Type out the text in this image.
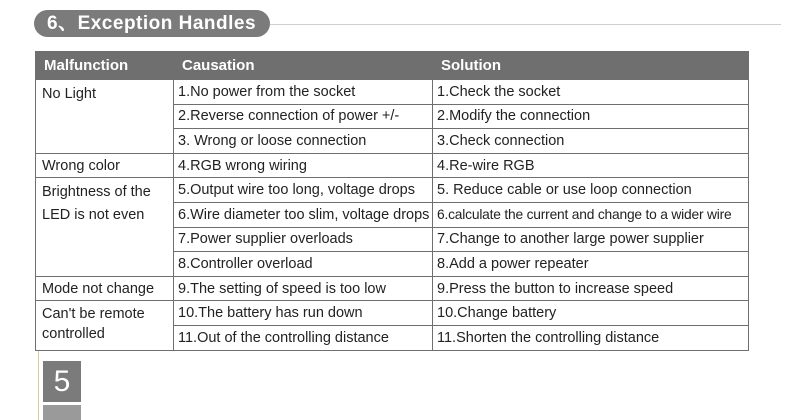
6、Exception Handles
Malfunction	Causation	Solution
No Light	1.No power from the socket	1.Check the socket
	2.Reverse connection of power +/-	2.Modify the connection
	3. Wrong or loose connection	3.Check connection
Wrong color	4.RGB wrong wiring	4.Re-wire RGB
Brightness of the LED is not even	5.Output wire too long, voltage drops	5. Reduce cable or use loop connection
	6.Wire diameter too slim, voltage drops	6.calculate the current and change to a wider wire
	7.Power supplier overloads	7.Change to another large power supplier
	8.Controller overload	8.Add a power repeater
Mode not change	9.The setting of speed is too low	9.Press the button to increase speed
Can't be remote controlled	10.The battery has run down	10.Change battery
	11.Out of the controlling distance	11.Shorten the controlling distance
5
